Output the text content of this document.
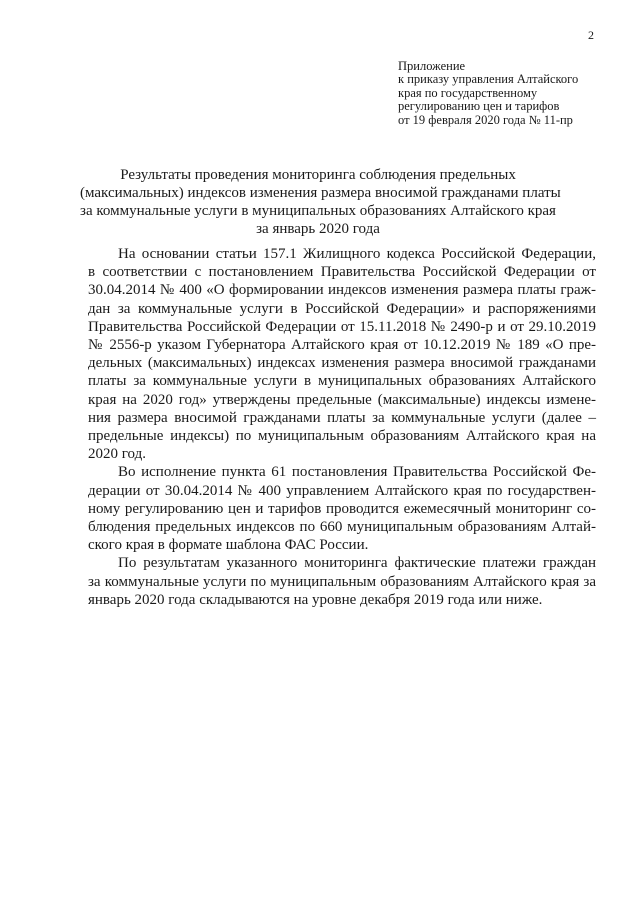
2
Приложение
к приказу управления Алтайского
края по государственному
регулированию цен и тарифов
от 19 февраля 2020 года № 11-пр
Результаты проведения мониторинга соблюдения предельных
(максимальных) индексов изменения размера вносимой гражданами платы
за коммунальные услуги в муниципальных образованиях Алтайского края
за январь 2020 года
На основании статьи 157.1 Жилищного кодекса Российской Федерации,
в соответствии с постановлением Правительства Российской Федерации от
30.04.2014 № 400 «О формировании индексов изменения размера платы граж-
дан за коммунальные услуги в Российской Федерации» и распоряжениями
Правительства Российской Федерации от 15.11.2018 № 2490-р и от 29.10.2019
№ 2556-р указом Губернатора Алтайского края от 10.12.2019 № 189 «О пре-
дельных (максимальных) индексах изменения размера вносимой гражданами
платы за коммунальные услуги в муниципальных образованиях Алтайского
края на 2020 год» утверждены предельные (максимальные) индексы измене-
ния размера вносимой гражданами платы за коммунальные услуги (далее –
предельные индексы) по муниципальным образованиям Алтайского края на
2020 год.
Во исполнение пункта 61 постановления Правительства Российской Фе-
дерации от 30.04.2014 № 400 управлением Алтайского края по государствен-
ному регулированию цен и тарифов проводится ежемесячный мониторинг со-
блюдения предельных индексов по 660 муниципальным образованиям Алтай-
ского края в формате шаблона ФАС России.
По результатам указанного мониторинга фактические платежи граждан
за коммунальные услуги по муниципальным образованиям Алтайского края за
январь 2020 года складываются на уровне декабря 2019 года или ниже.
